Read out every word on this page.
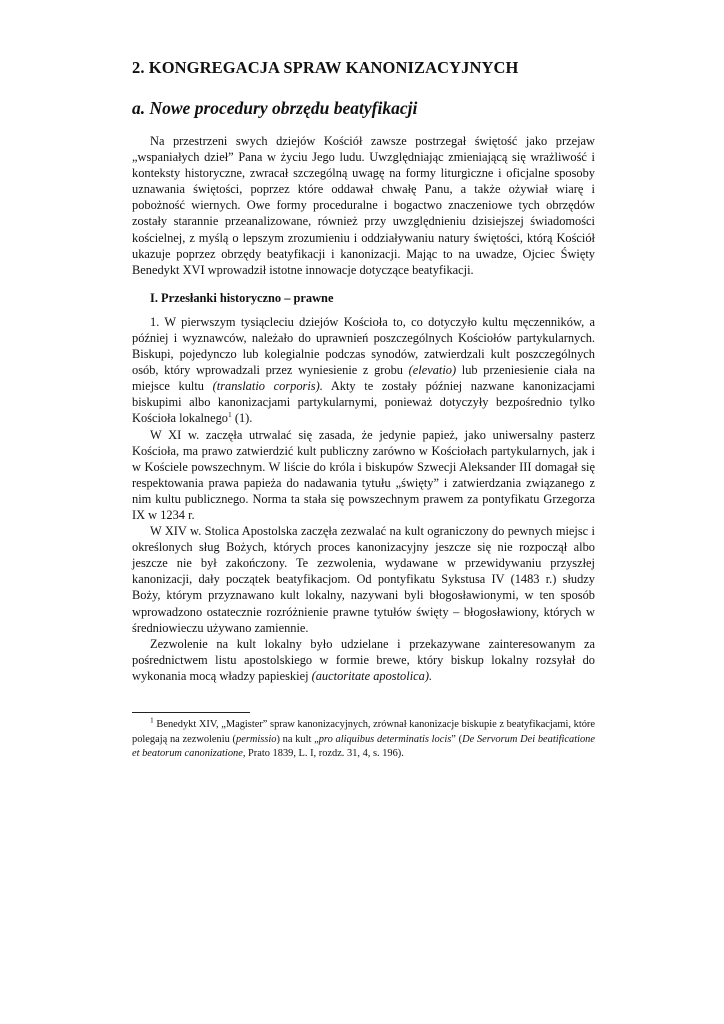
2. KONGREGACJA SPRAW KANONIZACYJNYCH
a. Nowe procedury obrzędu beatyfikacji

Na przestrzeni swych dziejów Kościół zawsze postrzegał świętość jako przejaw „wspaniałych dzieł” Pana w życiu Jego ludu. Uwzględniając zmieniającą się wrażliwość i konteksty historyczne, zwracał szczególną uwagę na formy liturgiczne i oficjalne sposoby uznawania świętości, poprzez które oddawał chwałę Panu, a także ożywiał wiarę i pobożność wiernych. Owe formy proceduralne i bogactwo znaczeniowe tych obrzędów zostały starannie przeanalizowane, również przy uwzględnieniu dzisiejszej świadomości kościelnej, z myślą o lepszym zrozumieniu i oddziaływaniu natury świętości, którą Kościół ukazuje poprzez obrzędy beatyfikacji i kanonizacji. Mając to na uwadze, Ojciec Święty Benedykt XVI wprowadził istotne innowacje dotyczące beatyfikacji.

I. Przesłanki historyczno – prawne

1. W pierwszym tysiącleciu dziejów Kościoła to, co dotyczyło kultu męczenników, a później i wyznawców, należało do uprawnień poszczególnych Kościołów partykularnych. Biskupi, pojedynczo lub kolegialnie podczas synodów, zatwierdzali kult poszczególnych osób, który wprowadzali przez wyniesienie z grobu (elevatio) lub przeniesienie ciała na miejsce kultu (translatio corporis). Akty te zostały później nazwane kanonizacjami biskupimi albo kanonizacjami partykularnymi, ponieważ dotyczyły bezpośrednio tylko Kościoła lokalnego$^1$ (1).

W XI w. zaczęła utrwalać się zasada, że jedynie papież, jako uniwersalny pasterz Kościoła, ma prawo zatwierdzić kult publiczny zarówno w Kościołach partykularnych, jak i w Kościele powszechnym. W liście do króla i biskupów Szwecji Aleksander III domagał się respektowania prawa papieża do nadawania tytułu „święty” i zatwierdzania związanego z nim kultu publicznego. Norma ta stała się powszechnym prawem za pontyfikatu Grzegorza IX w 1234 r.

W XIV w. Stolica Apostolska zaczęła zezwalać na kult ograniczony do pewnych miejsc i określonych sług Bożych, których proces kanonizacyjny jeszcze się nie rozpoczął albo jeszcze nie był zakończony. Te zezwolenia, wydawane w przewidywaniu przyszłej kanonizacji, dały początek beatyfikacjom. Od pontyfikatu Sykstusa IV (1483 r.) słudzy Boży, którym przyznawano kult lokalny, nazywani byli błogosławionymi, w ten sposób wprowadzono ostatecznie rozróżnienie prawne tytułów święty – błogosławiony, których w średniowieczu używano zamiennie.

Zezwolenie na kult lokalny było udzielane i przekazywane zainteresowanym za pośrednictwem listu apostolskiego w formie brewe, który biskup lokalny rozsyłał do wykonania mocą władzy papieskiej (auctoritate apostolica).

$^1$ Benedykt XIV, „Magister” spraw kanonizacyjnych, zrównał kanonizacje biskupie z beatyfikacjami, które polegają na zezwoleniu (permissio) na kult „pro aliquibus determinatis locis” (De Servorum Dei beatificatione et beatorum canonizatione, Prato 1839, L. I, rozdz. 31, 4, s. 196).
